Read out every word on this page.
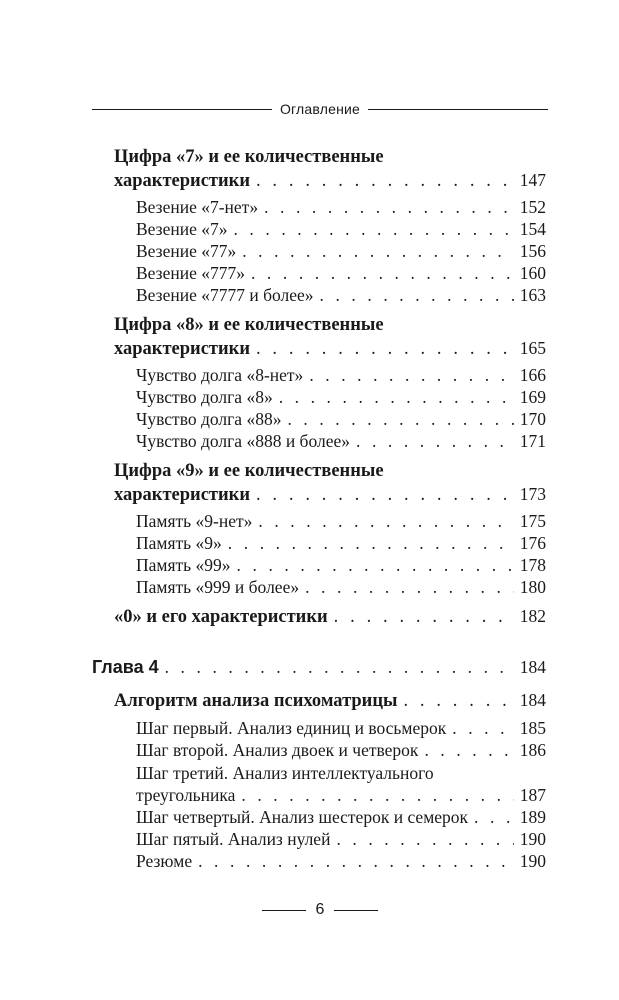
Оглавление
Цифра «7» и ее количественные
характеристики . . .	147
Везение «7-нет» . . .	152
Везение «7» . . .	154
Везение «77» . . .	156
Везение «777» . . .	160
Везение «7777 и более» . . .	163
Цифра «8» и ее количественные
характеристики . . .	165
Чувство долга «8-нет» . . .	166
Чувство долга «8» . . .	169
Чувство долга «88» . . .	170
Чувство долга «888 и более» . . .	171
Цифра «9» и ее количественные
характеристики . . .	173
Память «9-нет» . . .	175
Память «9» . . .	176
Память «99» . . .	178
Память «999 и более» . . .	180
«0» и его характеристики . . .	182
Глава 4 . . .	184
Алгоритм анализа психоматрицы . . .	184
Шаг первый. Анализ единиц и восьмерок . . .	185
Шаг второй. Анализ двоек и четверок . . .	186
Шаг третий. Анализ интеллектуального
треугольника . . .	187
Шаг четвертый. Анализ шестерок и семерок . . .	189
Шаг пятый. Анализ нулей . . .	190
Резюме . . .	190
6
